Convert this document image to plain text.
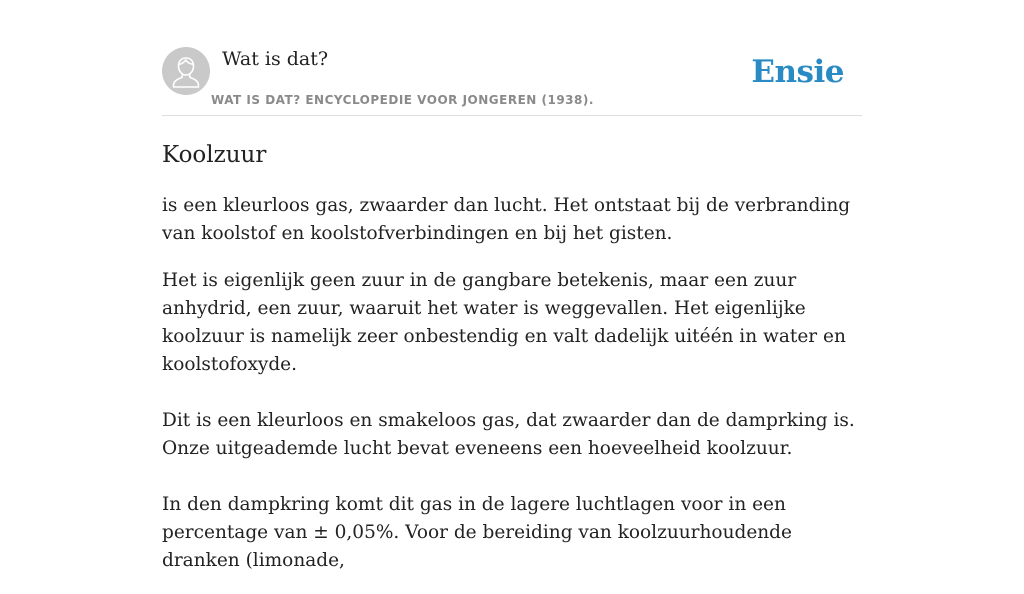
Wat is dat?
WAT IS DAT? ENCYCLOPEDIE VOOR JONGEREN (1938).
Ensie
Koolzuur

is een kleurloos gas, zwaarder dan lucht. Het ontstaat bij de verbranding van koolstof en koolstofverbindingen en bij het gisten.

Het is eigenlijk geen zuur in de gangbare betekenis, maar een zuur anhydrid, een zuur, waaruit het water is weggevallen. Het eigenlijke koolzuur is namelijk zeer onbestendig en valt dadelijk uitéén in water en koolstofoxyde.

Dit is een kleurloos en smakeloos gas, dat zwaarder dan de damprking is. Onze uitgeademde lucht bevat eveneens een hoeveelheid koolzuur.

In den dampkring komt dit gas in de lagere luchtlagen voor in een percentage van ± 0,05%. Voor de bereiding van koolzuurhoudende dranken (limonade,
